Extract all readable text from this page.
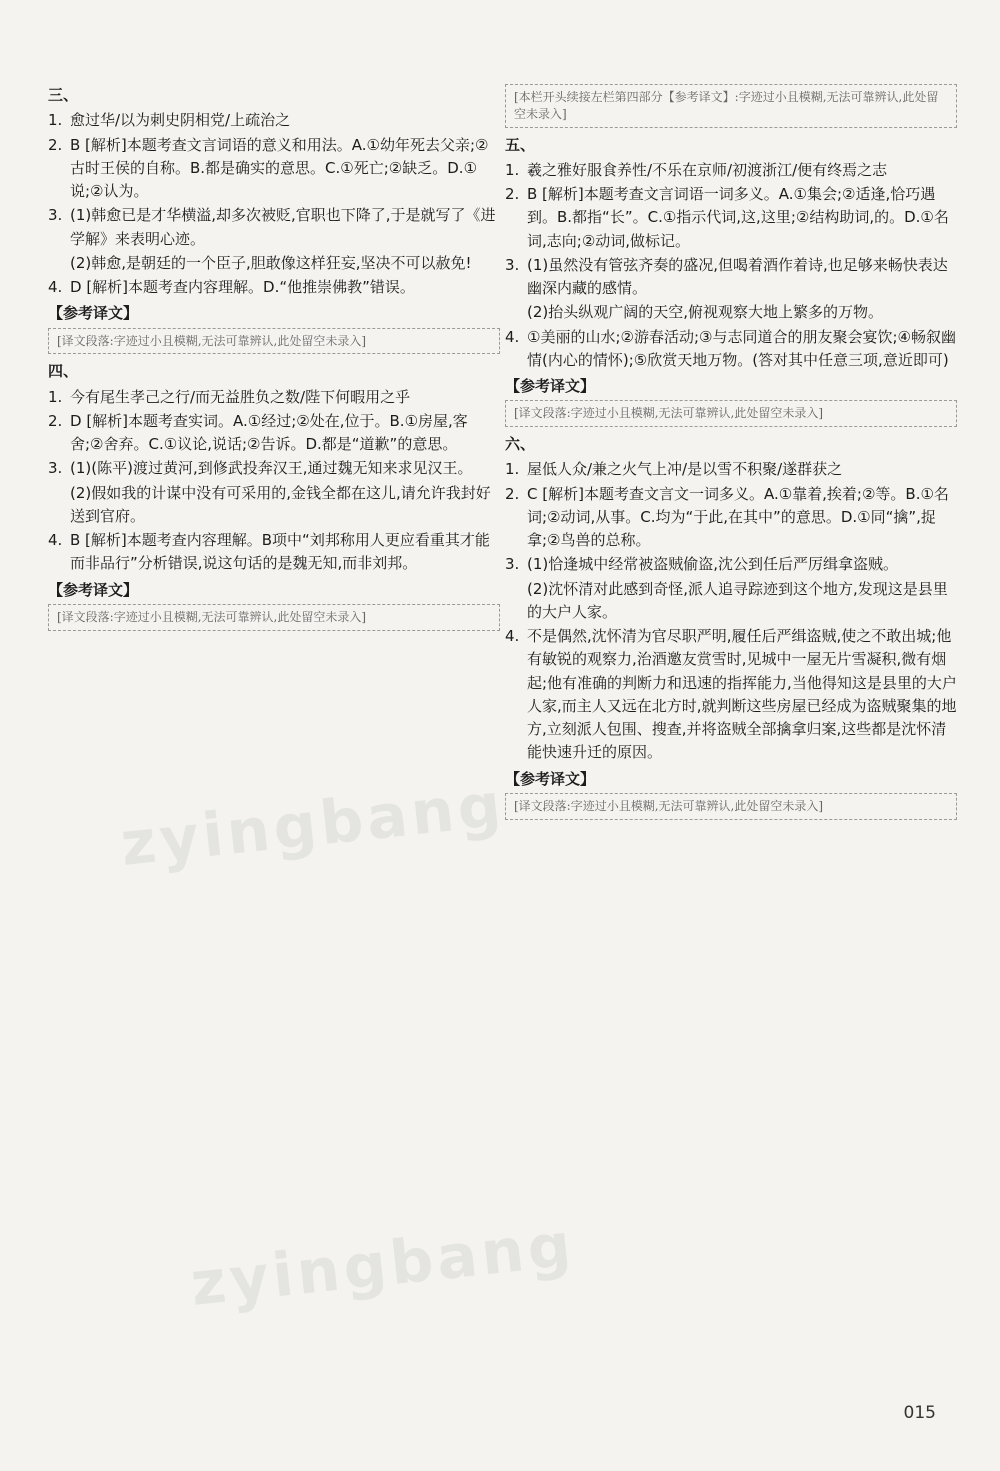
zyingbang
zyingbang
三、
1. 愈过华/以为刺史阴相党/上疏治之
2. B [解析]本题考查文言词语的意义和用法。A.①幼年死去父亲;②古时王侯的自称。B.都是确实的意思。C.①死亡;②缺乏。D.①说;②认为。
3. (1)韩愈已是才华横溢,却多次被贬,官职也下降了,于是就写了《进学解》来表明心迹。
(2)韩愈,是朝廷的一个臣子,胆敢像这样狂妄,坚决不可以赦免!
4. D [解析]本题考查内容理解。D.“他推崇佛教”错误。
【参考译文】
[译文段落:字迹过小且模糊,无法可靠辨认,此处留空未录入]
四、
1. 今有尾生孝己之行/而无益胜负之数/陛下何暇用之乎
2. D [解析]本题考查实词。A.①经过;②处在,位于。B.①房屋,客舍;②舍弃。C.①议论,说话;②告诉。D.都是“道歉”的意思。
3. (1)(陈平)渡过黄河,到修武投奔汉王,通过魏无知来求见汉王。
(2)假如我的计谋中没有可采用的,金钱全都在这儿,请允许我封好送到官府。
4. B [解析]本题考查内容理解。B项中“刘邦称用人更应看重其才能而非品行”分析错误,说这句话的是魏无知,而非刘邦。
【参考译文】
[译文段落:字迹过小且模糊,无法可靠辨认,此处留空未录入]
[本栏开头续接左栏第四部分【参考译文】:字迹过小且模糊,无法可靠辨认,此处留空未录入]
五、
1. 羲之雅好服食养性/不乐在京师/初渡浙江/便有终焉之志
2. B [解析]本题考查文言词语一词多义。A.①集会;②适逢,恰巧遇到。B.都指“长”。C.①指示代词,这,这里;②结构助词,的。D.①名词,志向;②动词,做标记。
3. (1)虽然没有管弦齐奏的盛况,但喝着酒作着诗,也足够来畅快表达幽深内藏的感情。
(2)抬头纵观广阔的天空,俯视观察大地上繁多的万物。
4. ①美丽的山水;②游春活动;③与志同道合的朋友聚会宴饮;④畅叙幽情(内心的情怀);⑤欣赏天地万物。(答对其中任意三项,意近即可)
【参考译文】
[译文段落:字迹过小且模糊,无法可靠辨认,此处留空未录入]
六、
1. 屋低人众/兼之火气上冲/是以雪不积聚/遂群获之
2. C [解析]本题考查文言文一词多义。A.①靠着,挨着;②等。B.①名词;②动词,从事。C.均为“于此,在其中”的意思。D.①同“擒”,捉拿;②鸟兽的总称。
3. (1)恰逢城中经常被盗贼偷盗,沈公到任后严厉缉拿盗贼。
(2)沈怀清对此感到奇怪,派人追寻踪迹到这个地方,发现这是县里的大户人家。
4. 不是偶然,沈怀清为官尽职严明,履任后严缉盗贼,使之不敢出城;他有敏锐的观察力,治酒邀友赏雪时,见城中一屋无片雪凝积,微有烟起;他有准确的判断力和迅速的指挥能力,当他得知这是县里的大户人家,而主人又远在北方时,就判断这些房屋已经成为盗贼聚集的地方,立刻派人包围、搜查,并将盗贼全部擒拿归案,这些都是沈怀清能快速升迁的原因。
【参考译文】
[译文段落:字迹过小且模糊,无法可靠辨认,此处留空未录入]
015
